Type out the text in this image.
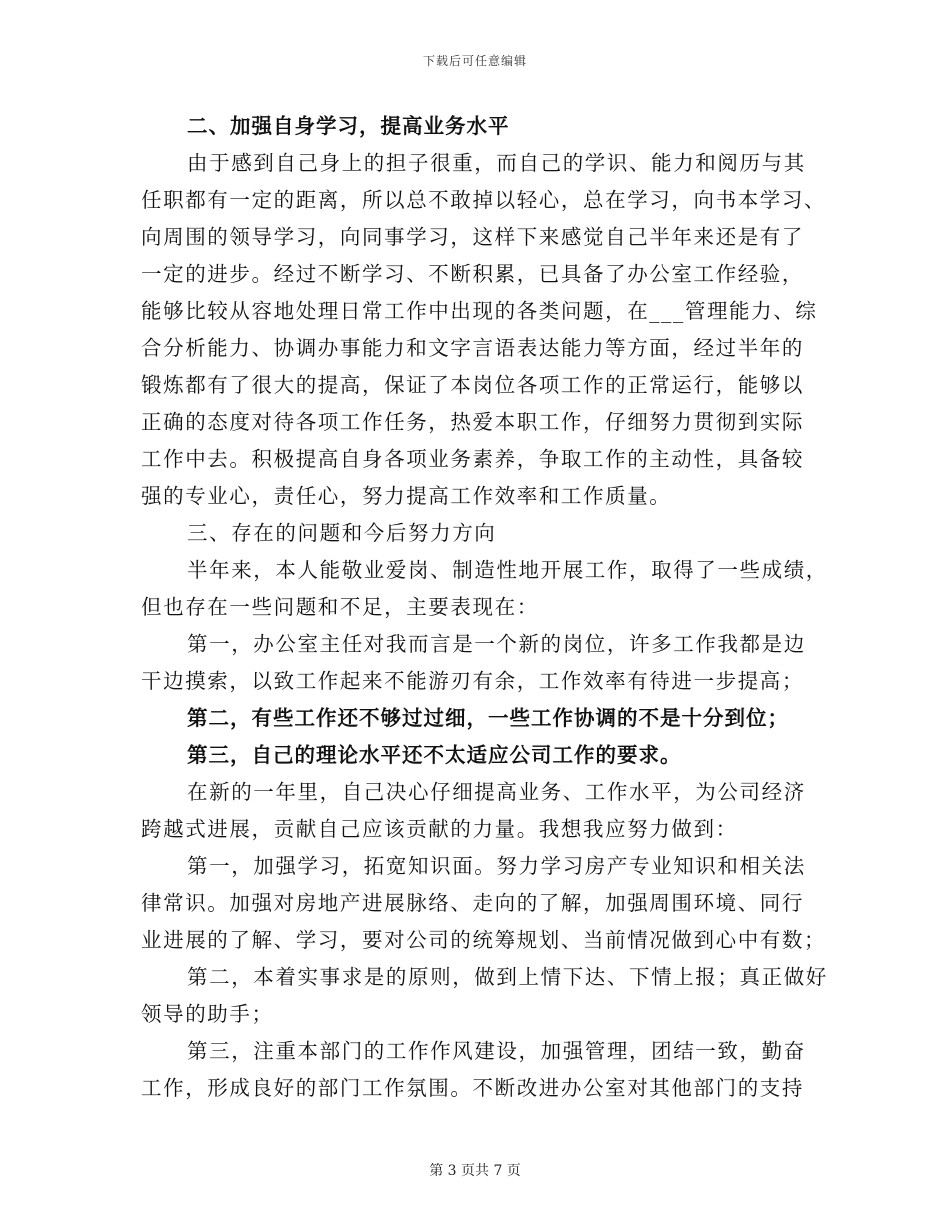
下载后可任意编辑
二、加强自身学习，提高业务水平
由于感到自己身上的担子很重，而自己的学识、能力和阅历与其
任职都有一定的距离，所以总不敢掉以轻心，总在学习，向书本学习、
向周围的领导学习，向同事学习，这样下来感觉自己半年来还是有了
一定的进步。经过不断学习、不断积累，已具备了办公室工作经验，
能够比较从容地处理日常工作中出现的各类问题，在___管理能力、综
合分析能力、协调办事能力和文字言语表达能力等方面，经过半年的
锻炼都有了很大的提高，保证了本岗位各项工作的正常运行，能够以
正确的态度对待各项工作任务，热爱本职工作，仔细努力贯彻到实际
工作中去。积极提高自身各项业务素养，争取工作的主动性，具备较
强的专业心，责任心，努力提高工作效率和工作质量。
三、存在的问题和今后努力方向
半年来，本人能敬业爱岗、制造性地开展工作，取得了一些成绩，
但也存在一些问题和不足，主要表现在：
第一，办公室主任对我而言是一个新的岗位，许多工作我都是边
干边摸索，以致工作起来不能游刃有余，工作效率有待进一步提高；
第二，有些工作还不够过过细，一些工作协调的不是十分到位；
第三，自己的理论水平还不太适应公司工作的要求。
在新的一年里，自己决心仔细提高业务、工作水平，为公司经济
跨越式进展，贡献自己应该贡献的力量。我想我应努力做到：
第一，加强学习，拓宽知识面。努力学习房产专业知识和相关法
律常识。加强对房地产进展脉络、走向的了解，加强周围环境、同行
业进展的了解、学习，要对公司的统筹规划、当前情况做到心中有数；
第二，本着实事求是的原则，做到上情下达、下情上报；真正做好
领导的助手；
第三，注重本部门的工作作风建设，加强管理，团结一致，勤奋
工作，形成良好的部门工作氛围。不断改进办公室对其他部门的支持
第 3 页共 7 页
